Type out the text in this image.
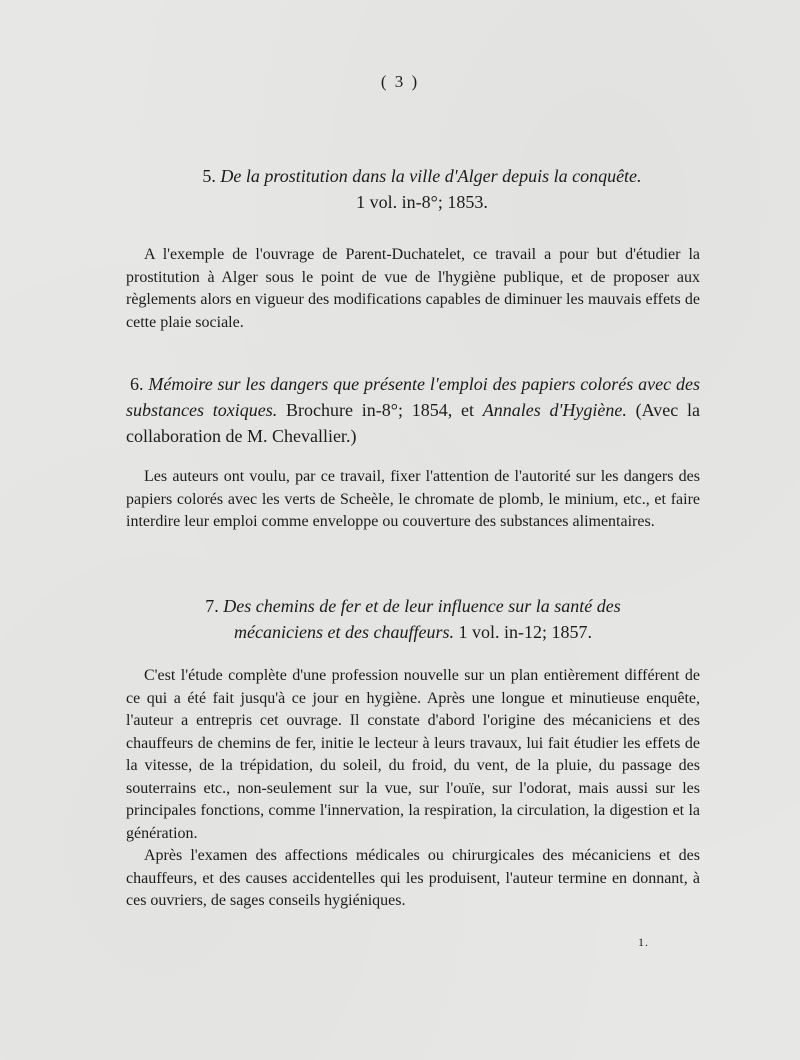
( 3 )
5. De la prostitution dans la ville d'Alger depuis la conquête.
1 vol. in-8°; 1853.

A l'exemple de l'ouvrage de Parent-Duchatelet, ce travail a pour but d'étudier la prostitution à Alger sous le point de vue de l'hygiène publique, et de proposer aux règlements alors en vigueur des modifications capables de diminuer les mauvais effets de cette plaie sociale.

6. Mémoire sur les dangers que présente l'emploi des papiers colorés avec des substances toxiques. Brochure in-8°; 1854, et Annales d'Hygiène. (Avec la collaboration de M. Chevallier.)

Les auteurs ont voulu, par ce travail, fixer l'attention de l'autorité sur les dangers des papiers colorés avec les verts de Scheèle, le chromate de plomb, le minium, etc., et faire interdire leur emploi comme enveloppe ou couverture des substances alimentaires.

7. Des chemins de fer et de leur influence sur la santé des
mécaniciens et des chauffeurs. 1 vol. in-12; 1857.

C'est l'étude complète d'une profession nouvelle sur un plan entièrement différent de ce qui a été fait jusqu'à ce jour en hygiène. Après une longue et minutieuse enquête, l'auteur a entrepris cet ouvrage. Il constate d'abord l'origine des mécaniciens et des chauffeurs de chemins de fer, initie le lecteur à leurs travaux, lui fait étudier les effets de la vitesse, de la trépidation, du soleil, du froid, du vent, de la pluie, du passage des souterrains etc., non-seulement sur la vue, sur l'ouïe, sur l'odorat, mais aussi sur les principales fonctions, comme l'innervation, la respiration, la circulation, la digestion et la génération.

Après l'examen des affections médicales ou chirurgicales des mécaniciens et des chauffeurs, et des causes accidentelles qui les produisent, l'auteur termine en donnant, à ces ouvriers, de sages conseils hygiéniques.

1.
